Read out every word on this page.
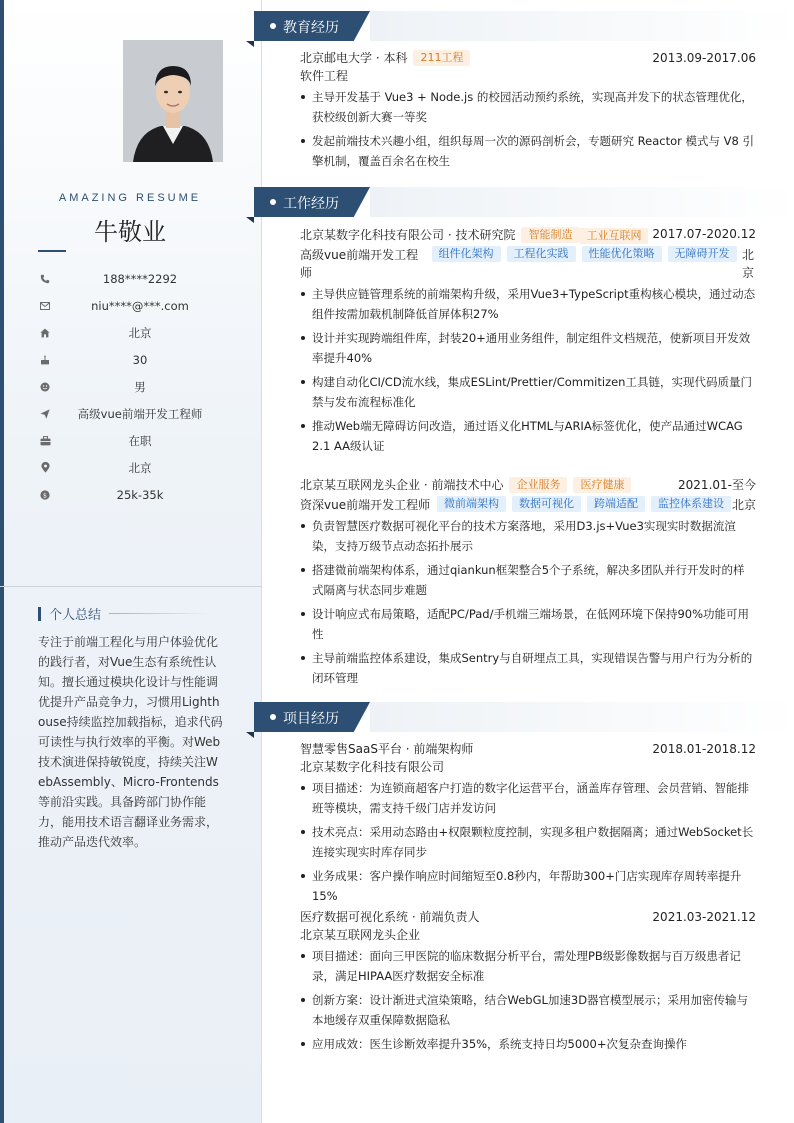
AMAZING RESUME
牛敬业
188****2292
niu****@***.com
北京
30
男
高级vue前端开发工程师
在职
北京
$	25k-35k
个人总结
专注于前端工程化与用户体验优化的践行者，对Vue生态有系统性认知。擅长通过模块化设计与性能调优提升产品竞争力，习惯用Lighthouse持续监控加载指标，追求代码可读性与执行效率的平衡。对Web技术演进保持敏锐度，持续关注WebAssembly、Micro-Frontends等前沿实践。具备跨部门协作能力，能用技术语言翻译业务需求，推动产品迭代效率。
教育经历
北京邮电大学 · 本科	211工程	2013.09-2017.06
软件工程
主导开发基于 Vue3 + Node.js 的校园活动预约系统，实现高并发下的状态管理优化，获校级创新大赛一等奖
发起前端技术兴趣小组，组织每周一次的源码剖析会，专题研究 Reactor 模式与 V8 引擎机制，覆盖百余名在校生
工作经历
北京某数字化科技有限公司 · 技术研究院	智能制造	工业互联网 2017.07-2020.12
高级vue前端开发工程师
组件化架构	工程化实践	性能优化策略	无障碍开发	北京
主导供应链管理系统的前端架构升级，采用Vue3+TypeScript重构核心模块，通过动态组件按需加载机制降低首屏体积27%
设计并实现跨端组件库，封装20+通用业务组件，制定组件文档规范，使新项目开发效率提升40%
构建自动化CI/CD流水线，集成ESLint/Prettier/Commitizen工具链，实现代码质量门禁与发布流程标准化
推动Web端无障碍访问改造，通过语义化HTML与ARIA标签优化，使产品通过WCAG 2.1 AA级认证
北京某互联网龙头企业 · 前端技术中心	企业服务	医疗健康	2021.01-至今
资深vue前端开发工程师	微前端架构	数据可视化	跨端适配	监控体系建设 北京
负责智慧医疗数据可视化平台的技术方案落地，采用D3.js+Vue3实现实时数据流渲染，支持万级节点动态拓扑展示
搭建微前端架构体系，通过qiankun框架整合5个子系统，解决多团队并行开发时的样式隔离与状态同步难题
设计响应式布局策略，适配PC/Pad/手机端三端场景，在低网环境下保持90%功能可用性
主导前端监控体系建设，集成Sentry与自研埋点工具，实现错误告警与用户行为分析的闭环管理
项目经历
智慧零售SaaS平台 · 前端架构师	2018.01-2018.12
北京某数字化科技有限公司
项目描述：为连锁商超客户打造的数字化运营平台，涵盖库存管理、会员营销、智能排班等模块，需支持千级门店并发访问
技术亮点：采用动态路由+权限颗粒度控制，实现多租户数据隔离；通过WebSocket长连接实现实时库存同步
业务成果：客户操作响应时间缩短至0.8秒内，年帮助300+门店实现库存周转率提升15%
医疗数据可视化系统 · 前端负责人	2021.03-2021.12
北京某互联网龙头企业
项目描述：面向三甲医院的临床数据分析平台，需处理PB级影像数据与百万级患者记录，满足HIPAA医疗数据安全标准
创新方案：设计渐进式渲染策略，结合WebGL加速3D器官模型展示；采用加密传输与本地缓存双重保障数据隐私
应用成效：医生诊断效率提升35%，系统支持日均5000+次复杂查询操作
